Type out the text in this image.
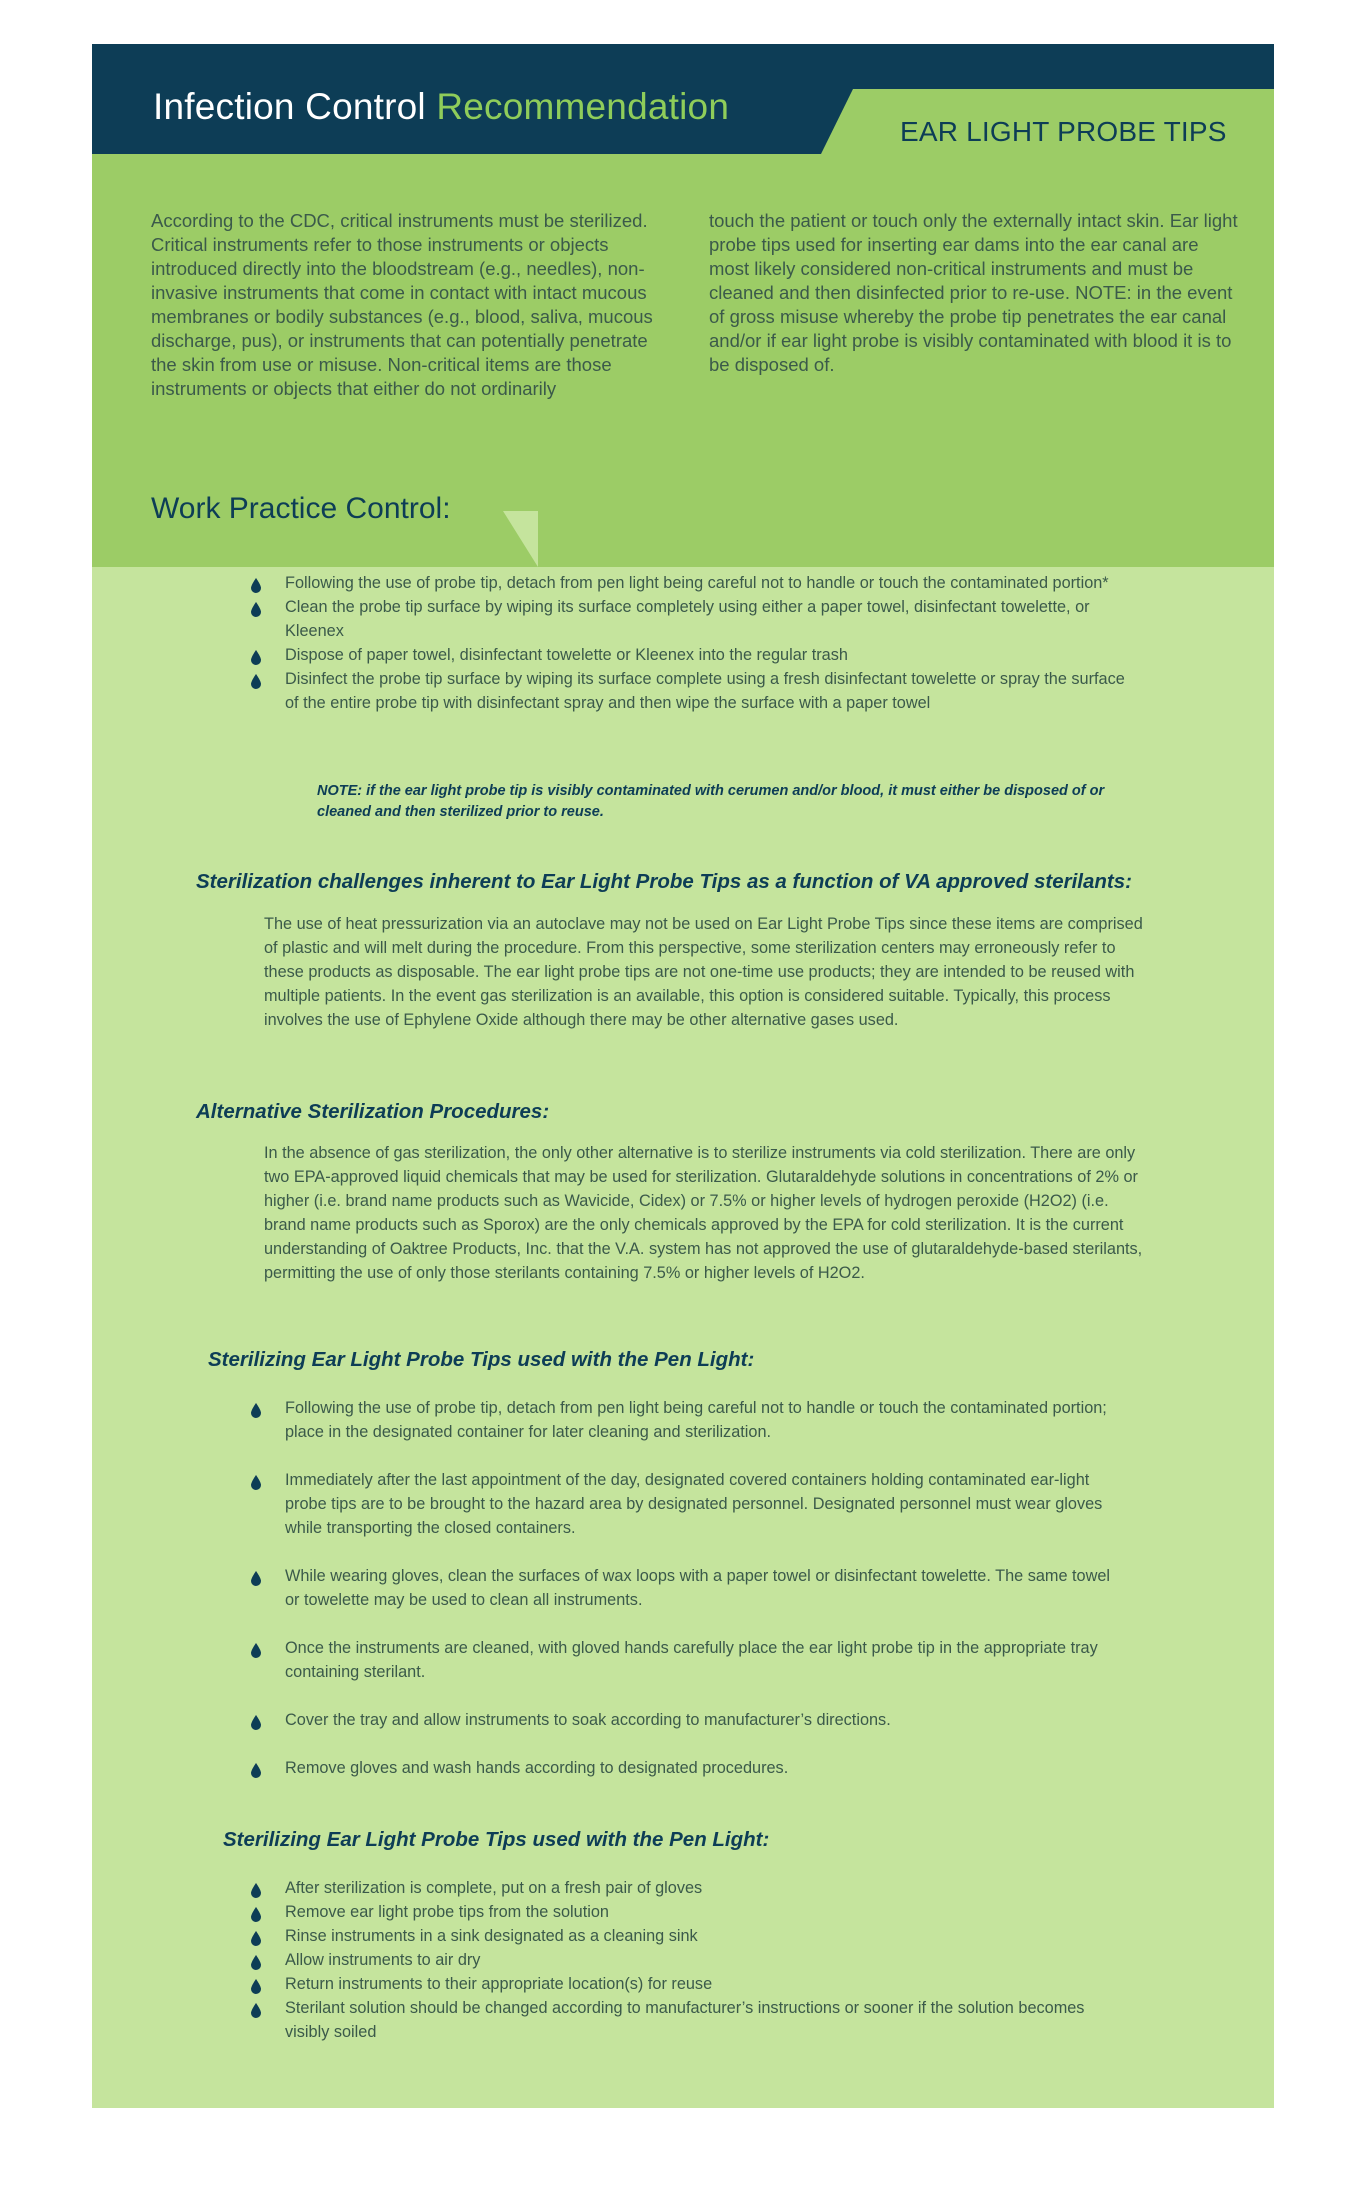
Infection Control Recommendation
EAR LIGHT PROBE TIPS

According to the CDC, critical instruments must be sterilized. Critical instruments refer to those instruments or objects introduced directly into the bloodstream (e.g., needles), non-invasive instruments that come in contact with intact mucous membranes or bodily substances (e.g., blood, saliva, mucous discharge, pus), or instruments that can potentially penetrate the skin from use or misuse. Non-critical items are those instruments or objects that either do not ordinarily

touch the patient or touch only the externally intact skin. Ear light probe tips used for inserting ear dams into the ear canal are most likely considered non-critical instruments and must be cleaned and then disinfected prior to re-use. NOTE: in the event of gross misuse whereby the probe tip penetrates the ear canal and/or if ear light probe is visibly contaminated with blood it is to be disposed of.

Work Practice Control:
Following the use of probe tip, detach from pen light being careful not to handle or touch the contaminated portion*
Clean the probe tip surface by wiping its surface completely using either a paper towel, disinfectant towelette, or Kleenex
Dispose of paper towel, disinfectant towelette or Kleenex into the regular trash
Disinfect the probe tip surface by wiping its surface complete using a fresh disinfectant towelette or spray the surface of the entire probe tip with disinfectant spray and then wipe the surface with a paper towel

NOTE: if the ear light probe tip is visibly contaminated with cerumen and/or blood, it must either be disposed of or cleaned and then sterilized prior to reuse.

Sterilization challenges inherent to Ear Light Probe Tips as a function of VA approved sterilants:

The use of heat pressurization via an autoclave may not be used on Ear Light Probe Tips since these items are comprised of plastic and will melt during the procedure. From this perspective, some sterilization centers may erroneously refer to these products as disposable. The ear light probe tips are not one-time use products; they are intended to be reused with multiple patients. In the event gas sterilization is an available, this option is considered suitable. Typically, this process involves the use of Ephylene Oxide although there may be other alternative gases used.

Alternative Sterilization Procedures:

In the absence of gas sterilization, the only other alternative is to sterilize instruments via cold sterilization. There are only two EPA-approved liquid chemicals that may be used for sterilization. Glutaraldehyde solutions in concentrations of 2% or higher (i.e. brand name products such as Wavicide, Cidex) or 7.5% or higher levels of hydrogen peroxide (H2O2) (i.e. brand name products such as Sporox) are the only chemicals approved by the EPA for cold sterilization. It is the current understanding of Oaktree Products, Inc. that the V.A. system has not approved the use of glutaraldehyde-based sterilants, permitting the use of only those sterilants containing 7.5% or higher levels of H2O2.

Sterilizing Ear Light Probe Tips used with the Pen Light:
Following the use of probe tip, detach from pen light being careful not to handle or touch the contaminated portion; place in the designated container for later cleaning and sterilization.
Immediately after the last appointment of the day, designated covered containers holding contaminated ear-light probe tips are to be brought to the hazard area by designated personnel. Designated personnel must wear gloves while transporting the closed containers.
While wearing gloves, clean the surfaces of wax loops with a paper towel or disinfectant towelette. The same towel or towelette may be used to clean all instruments.
Once the instruments are cleaned, with gloved hands carefully place the ear light probe tip in the appropriate tray containing sterilant.
Cover the tray and allow instruments to soak according to manufacturer’s directions.
Remove gloves and wash hands according to designated procedures.
Sterilizing Ear Light Probe Tips used with the Pen Light:
After sterilization is complete, put on a fresh pair of gloves
Remove ear light probe tips from the solution
Rinse instruments in a sink designated as a cleaning sink
Allow instruments to air dry
Return instruments to their appropriate location(s) for reuse
Sterilant solution should be changed according to manufacturer’s instructions or sooner if the solution becomes visibly soiled
